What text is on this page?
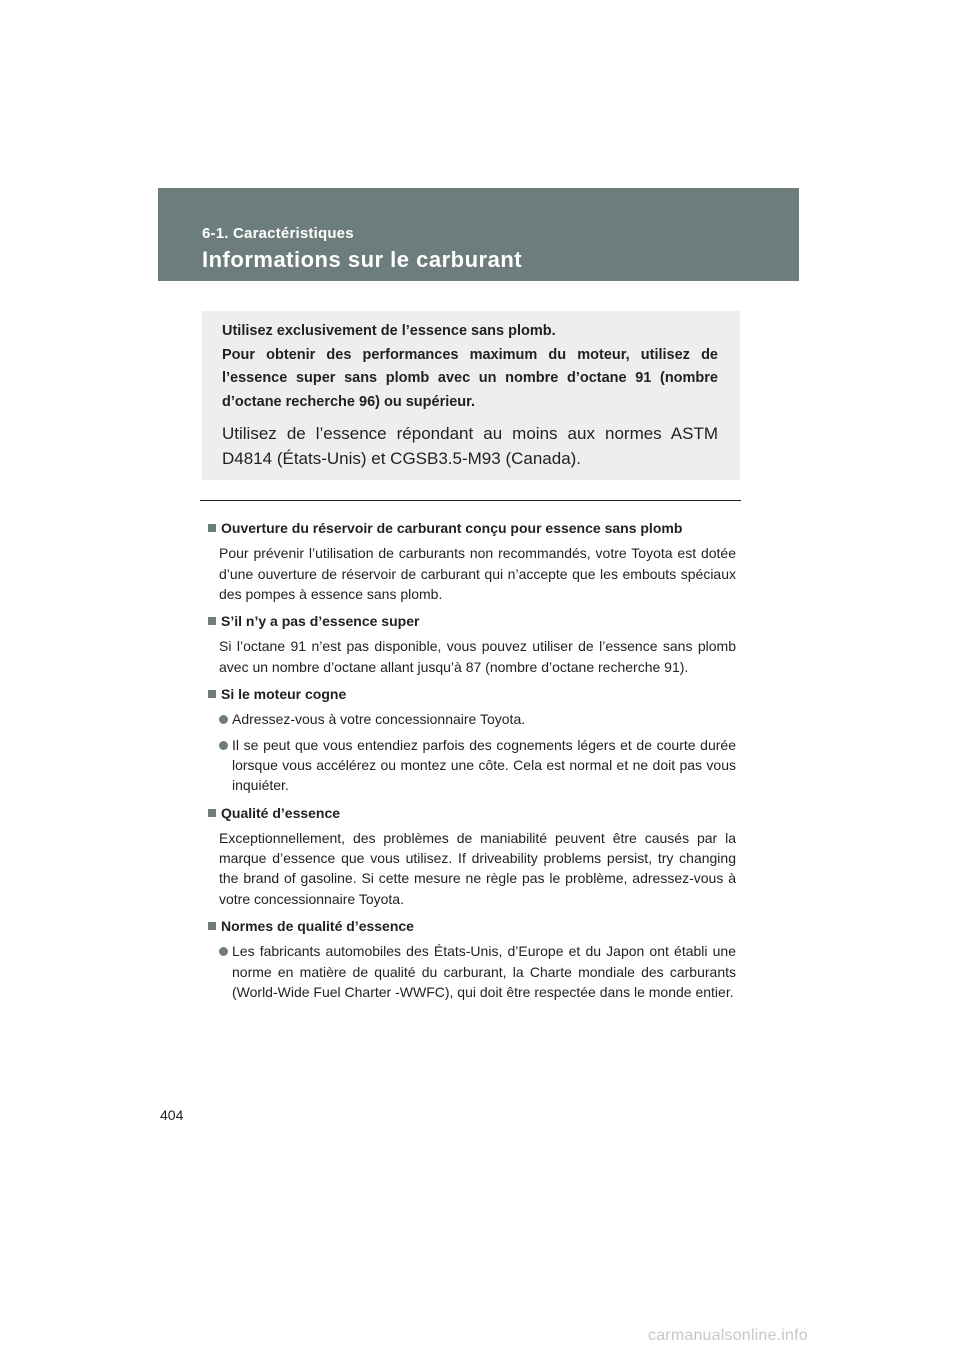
6-1. Caractéristiques
Informations sur le carburant

Utilisez exclusivement de l’essence sans plomb.

Pour obtenir des performances maximum du moteur, utilisez de l’essence super sans plomb avec un nombre d’octane 91 (nombre d’octane recherche 96) ou supérieur.

Utilisez de l’essence répondant au moins aux normes ASTM D4814 (États-Unis) et CGSB3.5-M93 (Canada).

Ouverture du réservoir de carburant conçu pour essence sans plomb

Pour prévenir l’utilisation de carburants non recommandés, votre Toyota est dotée d’une ouverture de réservoir de carburant qui n’accepte que les embouts spéciaux des pompes à essence sans plomb.

S’il n’y a pas d’essence super

Si l’octane 91 n’est pas disponible, vous pouvez utiliser de l’essence sans plomb avec un nombre d’octane allant jusqu’à 87 (nombre d’octane recherche 91).

Si le moteur cogne
Adressez-vous à votre concessionnaire Toyota.
Il se peut que vous entendiez parfois des cognements légers et de courte durée lorsque vous accélérez ou montez une côte. Cela est normal et ne doit pas vous inquiéter.
Qualité d’essence

Exceptionnellement, des problèmes de maniabilité peuvent être causés par la marque d’essence que vous utilisez. If driveability problems persist, try changing the brand of gasoline. Si cette mesure ne règle pas le problème, adressez-vous à votre concessionnaire Toyota.

Normes de qualité d’essence
Les fabricants automobiles des États-Unis, d’Europe et du Japon ont établi une norme en matière de qualité du carburant, la Charte mondiale des carburants (World-Wide Fuel Charter -WWFC), qui doit être respectée dans le monde entier.
404
carmanualsonline.info
